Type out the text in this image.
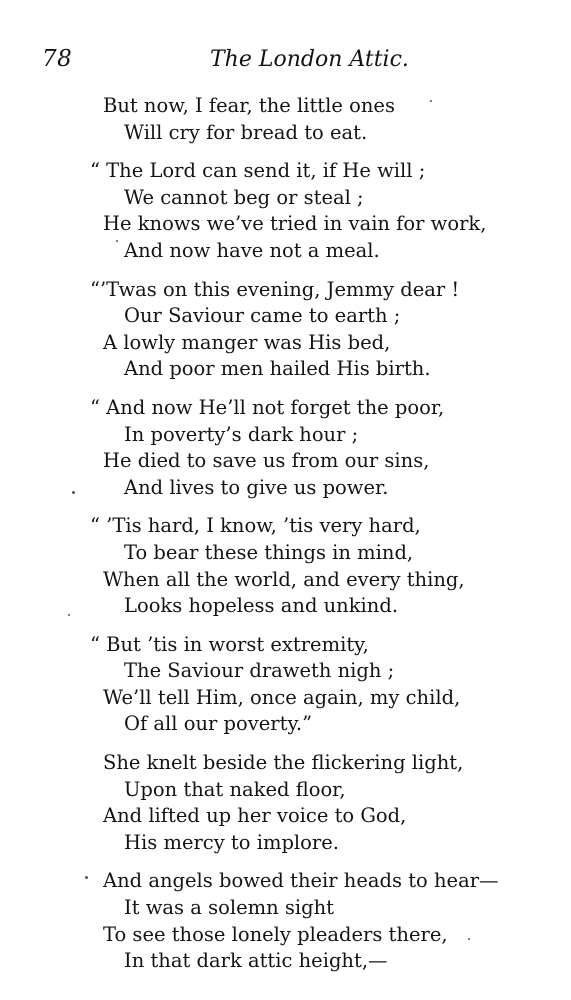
78	The London Attic.
But now, I fear, the little ones
Will cry for bread to eat.
“ The Lord can send it, if He will ;
We cannot beg or steal ;
He knows we’ve tried in vain for work,
And now have not a meal.
“’Twas on this evening, Jemmy dear !
Our Saviour came to earth ;
A lowly manger was His bed,
And poor men hailed His birth.
“ And now He’ll not forget the poor,
In poverty’s dark hour ;
He died to save us from our sins,
And lives to give us power.
“ ’Tis hard, I know, ’tis very hard,
To bear these things in mind,
When all the world, and every thing,
Looks hopeless and unkind.
“ But ’tis in worst extremity,
The Saviour draweth nigh ;
We’ll tell Him, once again, my child,
Of all our poverty.”
She knelt beside the flickering light,
Upon that naked floor,
And lifted up her voice to God,
His mercy to implore.
And angels bowed their heads to hear—
It was a solemn sight
To see those lonely pleaders there,
In that dark attic height,—
